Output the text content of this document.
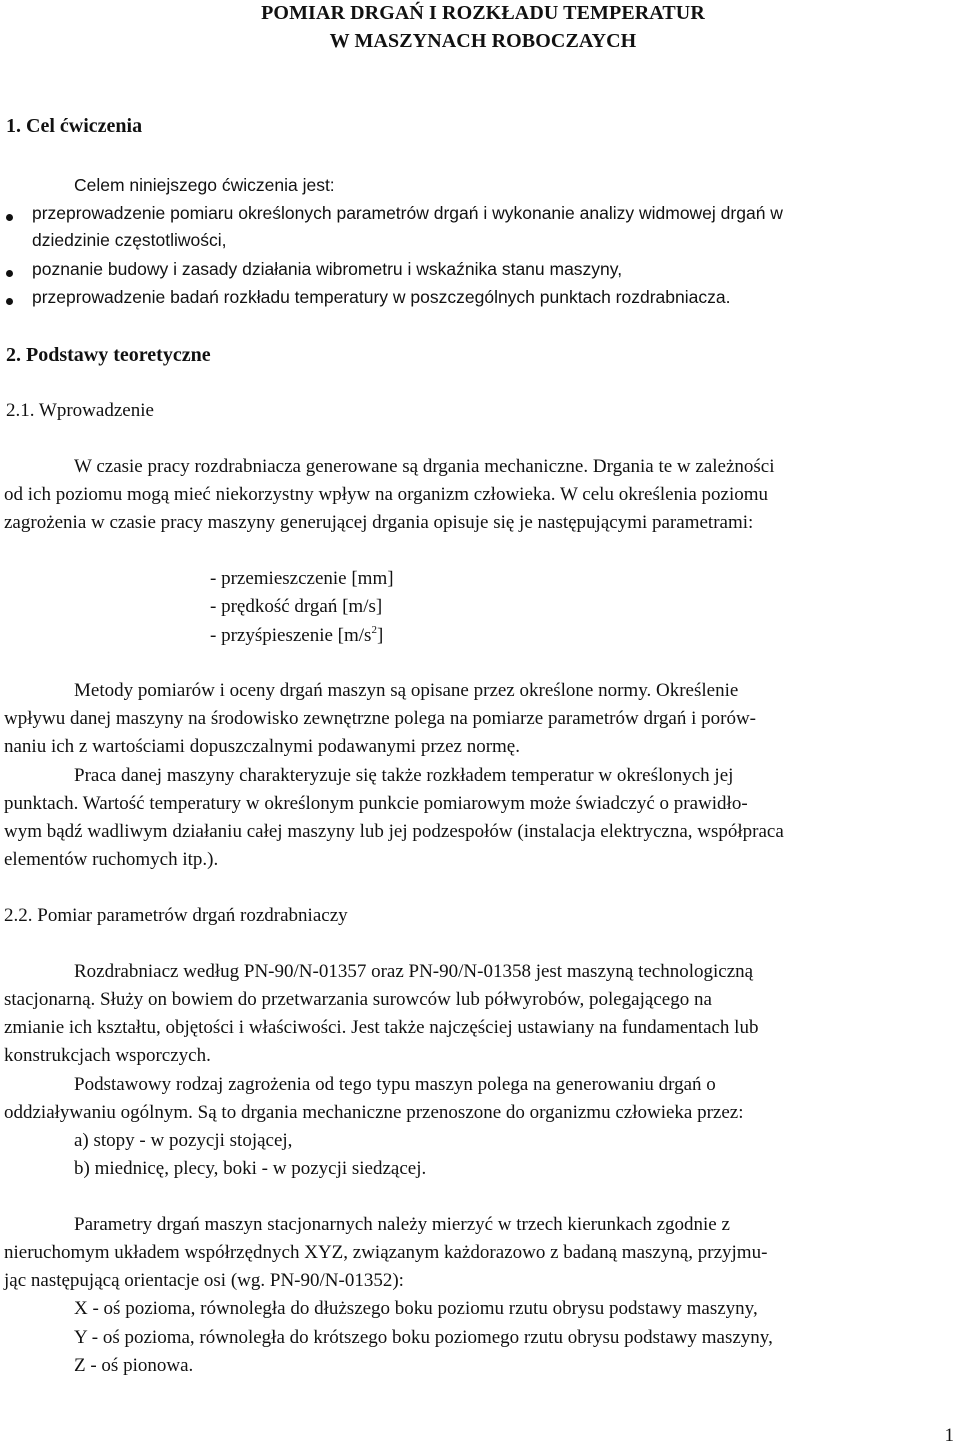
POMIAR DRGAŃ I ROZKŁADU TEMPERATUR
W MASZYNACH ROBOCZAYCH
1. Cel ćwiczenia
Celem niniejszego ćwiczenia jest:
przeprowadzenie pomiaru określonych parametrów drgań i wykonanie analizy widmowej drgań w
dziedzinie częstotliwości,
poznanie budowy i zasady działania wibrometru i wskaźnika stanu maszyny,
przeprowadzenie badań rozkładu temperatury w poszczególnych punktach rozdrabniacza.
2. Podstawy teoretyczne
2.1. Wprowadzenie
W czasie pracy rozdrabniacza generowane są drgania mechaniczne. Drgania te w zależności
od ich poziomu mogą mieć niekorzystny wpływ na organizm człowieka. W celu określenia poziomu
zagrożenia w czasie pracy maszyny generującej drgania opisuje się je następującymi parametrami:
- przemieszczenie [mm]
- prędkość drgań [m/s]
- przyśpieszenie $[m/s^2]$
Metody pomiarów i oceny drgań maszyn są opisane przez określone normy. Określenie
wpływu danej maszyny na środowisko zewnętrzne polega na pomiarze parametrów drgań i porów-
naniu ich z wartościami dopuszczalnymi podawanymi przez normę.
Praca danej maszyny charakteryzuje się także rozkładem temperatur w określonych jej
punktach. Wartość temperatury w określonym punkcie pomiarowym może świadczyć o prawidło-
wym bądź wadliwym działaniu całej maszyny lub jej podzespołów (instalacja elektryczna, współpraca
elementów ruchomych itp.).
2.2. Pomiar parametrów drgań rozdrabniaczy
Rozdrabniacz według PN-90/N-01357 oraz PN-90/N-01358 jest maszyną technologiczną
stacjonarną. Służy on bowiem do przetwarzania surowców lub półwyrobów, polegającego na
zmianie ich kształtu, objętości i właściwości. Jest także najczęściej ustawiany na fundamentach lub
konstrukcjach wsporczych.
Podstawowy rodzaj zagrożenia od tego typu maszyn polega na generowaniu drgań o
oddziaływaniu ogólnym. Są to drgania mechaniczne przenoszone do organizmu człowieka przez:
a) stopy - w pozycji stojącej,
b) miednicę, plecy, boki - w pozycji siedzącej.
Parametry drgań maszyn stacjonarnych należy mierzyć w trzech kierunkach zgodnie z
nieruchomym układem współrzędnych XYZ, związanym każdorazowo z badaną maszyną, przyjmu-
jąc następującą orientacje osi (wg. PN-90/N-01352):
X - oś pozioma, równoległa do dłuższego boku poziomu rzutu obrysu podstawy maszyny,
Y - oś pozioma, równoległa do krótszego boku poziomego rzutu obrysu podstawy maszyny,
Z - oś pionowa.
1
